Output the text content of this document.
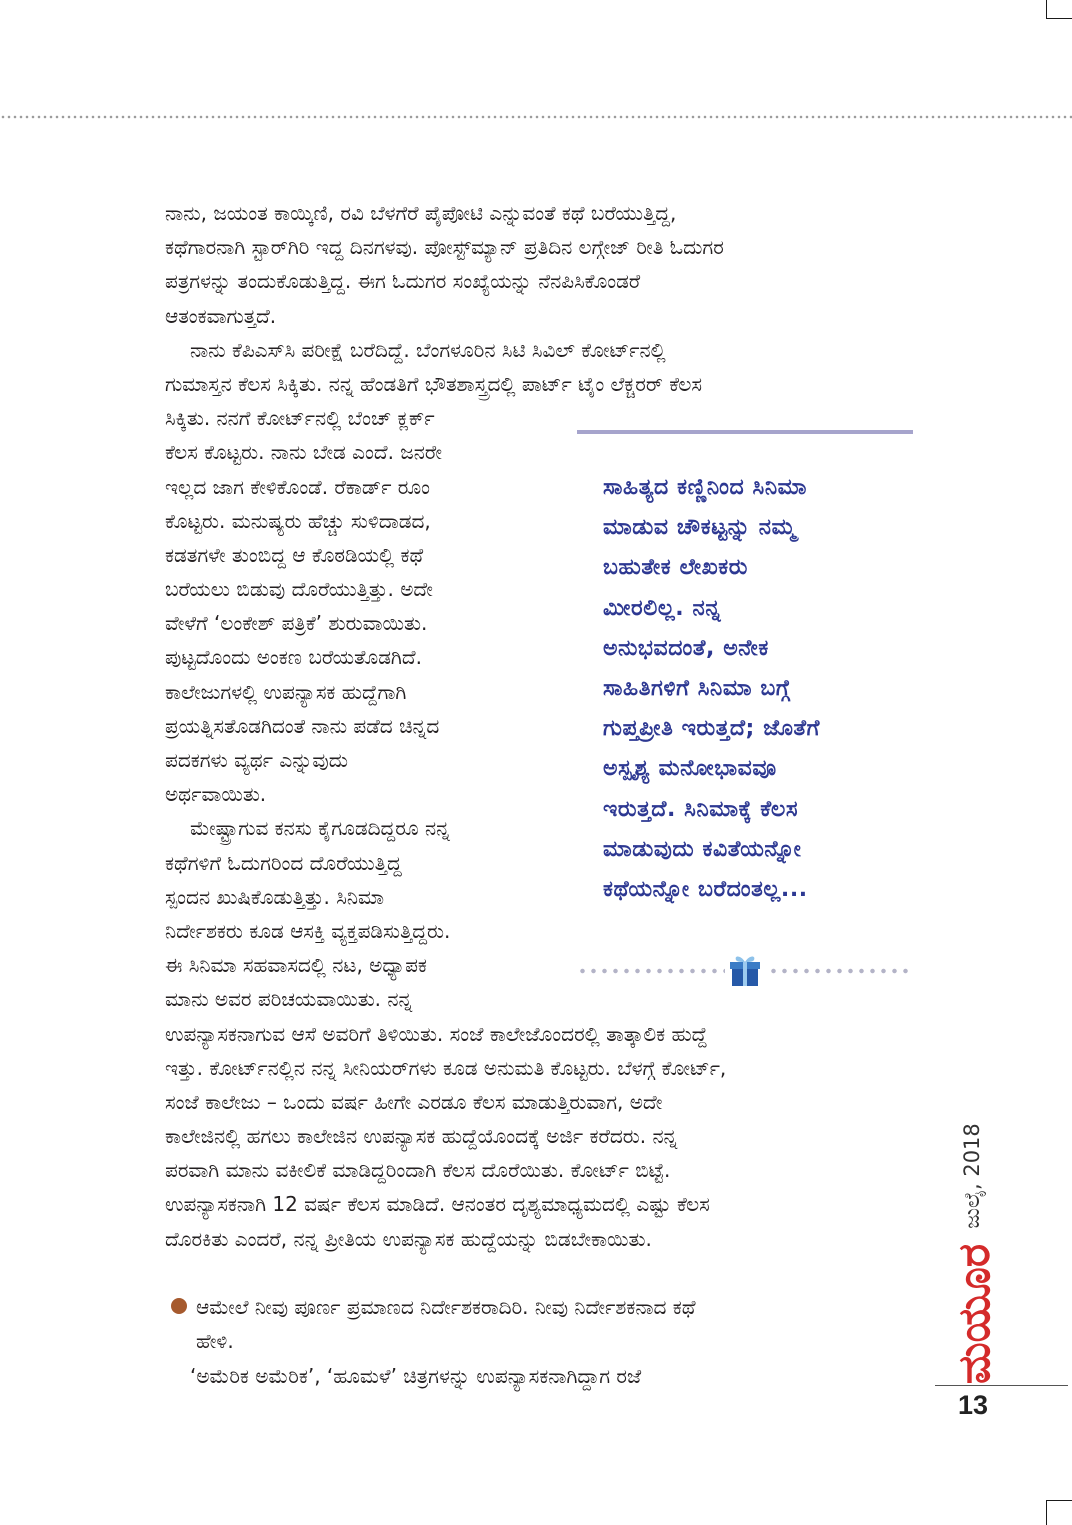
ನಾನು, ಜಯಂತ ಕಾಯ್ಕಿಣಿ, ರವಿ ಬೆಳಗೆರೆ ಪೈಪೋಟಿ ಎನ್ನುವಂತೆ ಕಥೆ ಬರೆಯುತ್ತಿದ್ದ,
ಕಥೆಗಾರನಾಗಿ ಸ್ಟಾರ್‌ಗಿರಿ ಇದ್ದ ದಿನಗಳವು. ಪೋಸ್ಟ್‌ಮ್ಯಾನ್ ಪ್ರತಿದಿನ ಲಗ್ಗೇಜ್ ರೀತಿ ಓದುಗರ
ಪತ್ರಗಳನ್ನು ತಂದುಕೊಡುತ್ತಿದ್ದ. ಈಗ ಓದುಗರ ಸಂಖ್ಯೆಯನ್ನು ನೆನಪಿಸಿಕೊಂಡರೆ
ಆತಂಕವಾಗುತ್ತದೆ.
ನಾನು ಕೆಪಿಎಸ್‌ಸಿ ಪರೀಕ್ಷೆ ಬರೆದಿದ್ದೆ. ಬೆಂಗಳೂರಿನ ಸಿಟಿ ಸಿವಿಲ್ ಕೋರ್ಟ್‌ನಲ್ಲಿ
ಗುಮಾಸ್ತನ ಕೆಲಸ ಸಿಕ್ಕಿತು. ನನ್ನ ಹೆಂಡತಿಗೆ ಭೌತಶಾಸ್ತ್ರದಲ್ಲಿ ಪಾರ್ಟ್ ಟೈಂ ಲೆಕ್ಚರರ್ ಕೆಲಸ
ಸಿಕ್ಕಿತು. ನನಗೆ ಕೋರ್ಟ್‌ನಲ್ಲಿ ಬೆಂಚ್ ಕ್ಲರ್ಕ್
ಕೆಲಸ ಕೊಟ್ಟರು. ನಾನು ಬೇಡ ಎಂದೆ. ಜನರೇ
ಇಲ್ಲದ ಜಾಗ ಕೇಳಿಕೊಂಡೆ. ರೆಕಾರ್ಡ್ ರೂಂ
ಕೊಟ್ಟರು. ಮನುಷ್ಯರು ಹೆಚ್ಚು ಸುಳಿದಾಡದ,
ಕಡತಗಳೇ ತುಂಬಿದ್ದ ಆ ಕೊಠಡಿಯಲ್ಲಿ ಕಥೆ
ಬರೆಯಲು ಬಿಡುವು ದೊರೆಯುತ್ತಿತ್ತು. ಅದೇ
ವೇಳೆಗೆ ‘ಲಂಕೇಶ್ ಪತ್ರಿಕೆ’ ಶುರುವಾಯಿತು.
ಪುಟ್ಟದೊಂದು ಅಂಕಣ ಬರೆಯತೊಡಗಿದೆ.
ಕಾಲೇಜುಗಳಲ್ಲಿ ಉಪನ್ಯಾಸಕ ಹುದ್ದೆಗಾಗಿ
ಪ್ರಯತ್ನಿಸತೊಡಗಿದಂತೆ ನಾನು ಪಡೆದ ಚಿನ್ನದ
ಪದಕಗಳು ವ್ಯರ್ಥ ಎನ್ನುವುದು
ಅರ್ಥವಾಯಿತು.
ಮೇಷ್ಟ್ರಾಗುವ ಕನಸು ಕೈಗೂಡದಿದ್ದರೂ ನನ್ನ
ಕಥೆಗಳಿಗೆ ಓದುಗರಿಂದ ದೊರೆಯುತ್ತಿದ್ದ
ಸ್ಪಂದನ ಖುಷಿಕೊಡುತ್ತಿತ್ತು. ಸಿನಿಮಾ
ನಿರ್ದೇಶಕರು ಕೂಡ ಆಸಕ್ತಿ ವ್ಯಕ್ತಪಡಿಸುತ್ತಿದ್ದರು.
ಈ ಸಿನಿಮಾ ಸಹವಾಸದಲ್ಲಿ ನಟ, ಅಧ್ಯಾಪಕ
ಮಾನು ಅವರ ಪರಿಚಯವಾಯಿತು. ನನ್ನ
ಉಪನ್ಯಾಸಕನಾಗುವ ಆಸೆ ಅವರಿಗೆ ತಿಳಿಯಿತು. ಸಂಜೆ ಕಾಲೇಜೊಂದರಲ್ಲಿ ತಾತ್ಕಾಲಿಕ ಹುದ್ದೆ
ಇತ್ತು. ಕೋರ್ಟ್‌ನಲ್ಲಿನ ನನ್ನ ಸೀನಿಯರ್‌ಗಳು ಕೂಡ ಅನುಮತಿ ಕೊಟ್ಟರು. ಬೆಳಗ್ಗೆ ಕೋರ್ಟ್,
ಸಂಜೆ ಕಾಲೇಜು – ಒಂದು ವರ್ಷ ಹೀಗೇ ಎರಡೂ ಕೆಲಸ ಮಾಡುತ್ತಿರುವಾಗ, ಅದೇ
ಕಾಲೇಜಿನಲ್ಲಿ ಹಗಲು ಕಾಲೇಜಿನ ಉಪನ್ಯಾಸಕ ಹುದ್ದೆಯೊಂದಕ್ಕೆ ಅರ್ಜಿ ಕರೆದರು. ನನ್ನ
ಪರವಾಗಿ ಮಾನು ವಕೀಲಿಕೆ ಮಾಡಿದ್ದರಿಂದಾಗಿ ಕೆಲಸ ದೊರೆಯಿತು. ಕೋರ್ಟ್ ಬಿಟ್ಟೆ.
ಉಪನ್ಯಾಸಕನಾಗಿ 12 ವರ್ಷ ಕೆಲಸ ಮಾಡಿದೆ. ಆನಂತರ ದೃಶ್ಯಮಾಧ್ಯಮದಲ್ಲಿ ಎಷ್ಟು ಕೆಲಸ
ದೊರಕಿತು ಎಂದರೆ, ನನ್ನ ಪ್ರೀತಿಯ ಉಪನ್ಯಾಸಕ ಹುದ್ದೆಯನ್ನು ಬಿಡಬೇಕಾಯಿತು.
ಆಮೇಲೆ ನೀವು ಪೂರ್ಣ ಪ್ರಮಾಣದ ನಿರ್ದೇಶಕರಾದಿರಿ. ನೀವು ನಿರ್ದೇಶಕನಾದ ಕಥೆ
ಹೇಳಿ.
‘ಅಮೆರಿಕ ಅಮೆರಿಕ’, ‘ಹೂಮಳೆ’ ಚಿತ್ರಗಳನ್ನು ಉಪನ್ಯಾಸಕನಾಗಿದ್ದಾಗ ರಜೆ
ಸಾಹಿತ್ಯದ ಕಣ್ಣಿನಿಂದ ಸಿನಿಮಾ
ಮಾಡುವ ಚೌಕಟ್ಟನ್ನು ನಮ್ಮ
ಬಹುತೇಕ ಲೇಖಕರು
ಮೀರಲಿಲ್ಲ. ನನ್ನ
ಅನುಭವದಂತೆ, ಅನೇಕ
ಸಾಹಿತಿಗಳಿಗೆ ಸಿನಿಮಾ ಬಗ್ಗೆ
ಗುಪ್ತಪ್ರೀತಿ ಇರುತ್ತದೆ; ಜೊತೆಗೆ
ಅಸ್ಪೃಶ್ಯ ಮನೋಭಾವವೂ
ಇರುತ್ತದೆ. ಸಿನಿಮಾಕ್ಕೆ ಕೆಲಸ
ಮಾಡುವುದು ಕವಿತೆಯನ್ನೋ
ಕಥೆಯನ್ನೋ ಬರೆದಂತಲ್ಲ...
ಜುಲೈ, 2018
ಮಯೂರ
13
